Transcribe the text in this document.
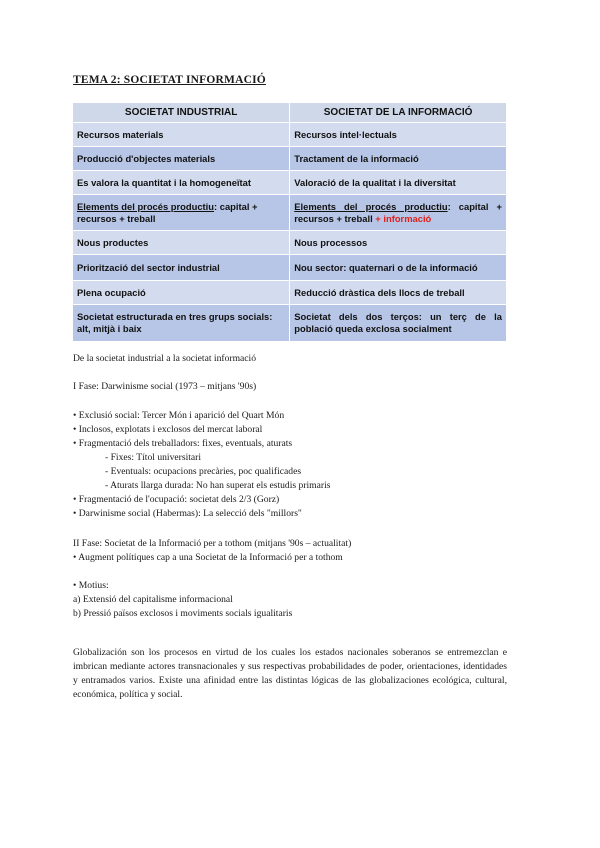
TEMA 2: SOCIETAT INFORMACIÓ
SOCIETAT INDUSTRIAL	SOCIETAT DE LA INFORMACIÓ
Recursos materials	Recursos intel·lectuals
Producció d'objectes materials	Tractament de la informació
Es valora la quantitat i la homogeneïtat	Valoració de la qualitat i la diversitat
Elements del procés productiu: capital + recursos + treball	Elements del procés productiu: capital + recursos + treball + informació
Nous productes	Nous processos
Priorització del sector industrial	Nou sector: quaternari o de la informació
Plena ocupació	Reducció dràstica dels llocs de treball
Societat estructurada en tres grups socials: alt, mitjà i baix	Societat dels dos terços: un terç de la població queda exclosa socialment
De la societat industrial a la societat informació
I Fase: Darwinisme social (1973 – mitjans '90s)
• Exclusió social: Tercer Món i aparició del Quart Món
• Inclosos, explotats i exclosos del mercat laboral
• Fragmentació dels treballadors: fixes, eventuals, aturats
- Fixes: Títol universitari
- Eventuals: ocupacions precàries, poc qualificades
- Aturats llarga durada: No han superat els estudis primaris
• Fragmentació de l'ocupació: societat dels 2/3 (Gorz)
• Darwinisme social (Habermas): La selecció dels "millors"
II Fase: Societat de la Informació per a tothom (mitjans '90s – actualitat)
• Augment polítiques cap a una Societat de la Informació per a tothom
• Motius:
a) Extensió del capitalisme informacional
b) Pressió països exclosos i moviments socials igualitaris
Globalización son los procesos en virtud de los cuales los estados nacionales soberanos se entremezclan e imbrican mediante actores transnacionales y sus respectivas probabilidades de poder, orientaciones, identidades y entramados varios. Existe una afinidad entre las distintas lógicas de las globalizaciones ecológica, cultural, económica, política y social.
